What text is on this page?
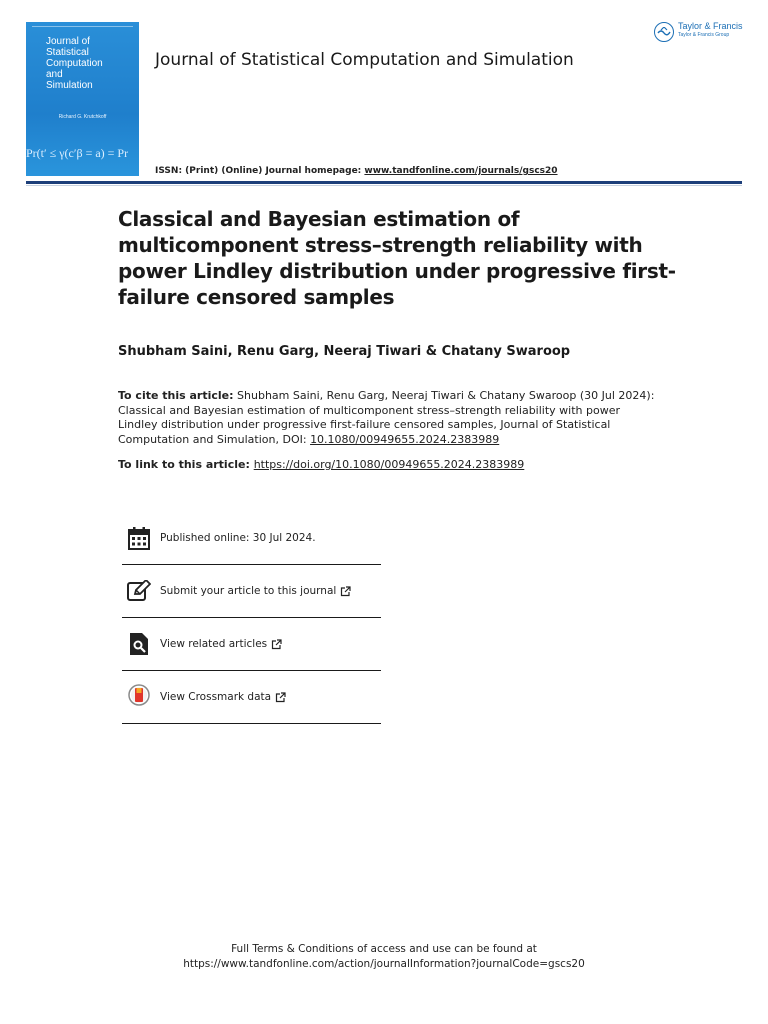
Journal of
Statistical
Computation
and
Simulation
Richard G. Krutchkoff
Pr(t′ ≤ γ(c′β = a) = Pr
Journal of Statistical Computation and Simulation
Taylor & Francis
Taylor & Francis Group
ISSN: (Print) (Online) Journal homepage: www.tandfonline.com/journals/gscs20
Classical and Bayesian estimation of multicomponent stress–strength reliability with power Lindley distribution under progressive first-failure censored samples
Shubham Saini, Renu Garg, Neeraj Tiwari & Chatany Swaroop
To cite this article: Shubham Saini, Renu Garg, Neeraj Tiwari & Chatany Swaroop (30 Jul 2024): Classical and Bayesian estimation of multicomponent stress–strength reliability with power Lindley distribution under progressive first-failure censored samples, Journal of Statistical Computation and Simulation, DOI: 10.1080/00949655.2024.2383989
To link to this article: https://doi.org/10.1080/00949655.2024.2383989
Published online: 30 Jul 2024.
Submit your article to this journal
View related articles
View Crossmark data
Full Terms & Conditions of access and use can be found at
https://www.tandfonline.com/action/journalInformation?journalCode=gscs20
